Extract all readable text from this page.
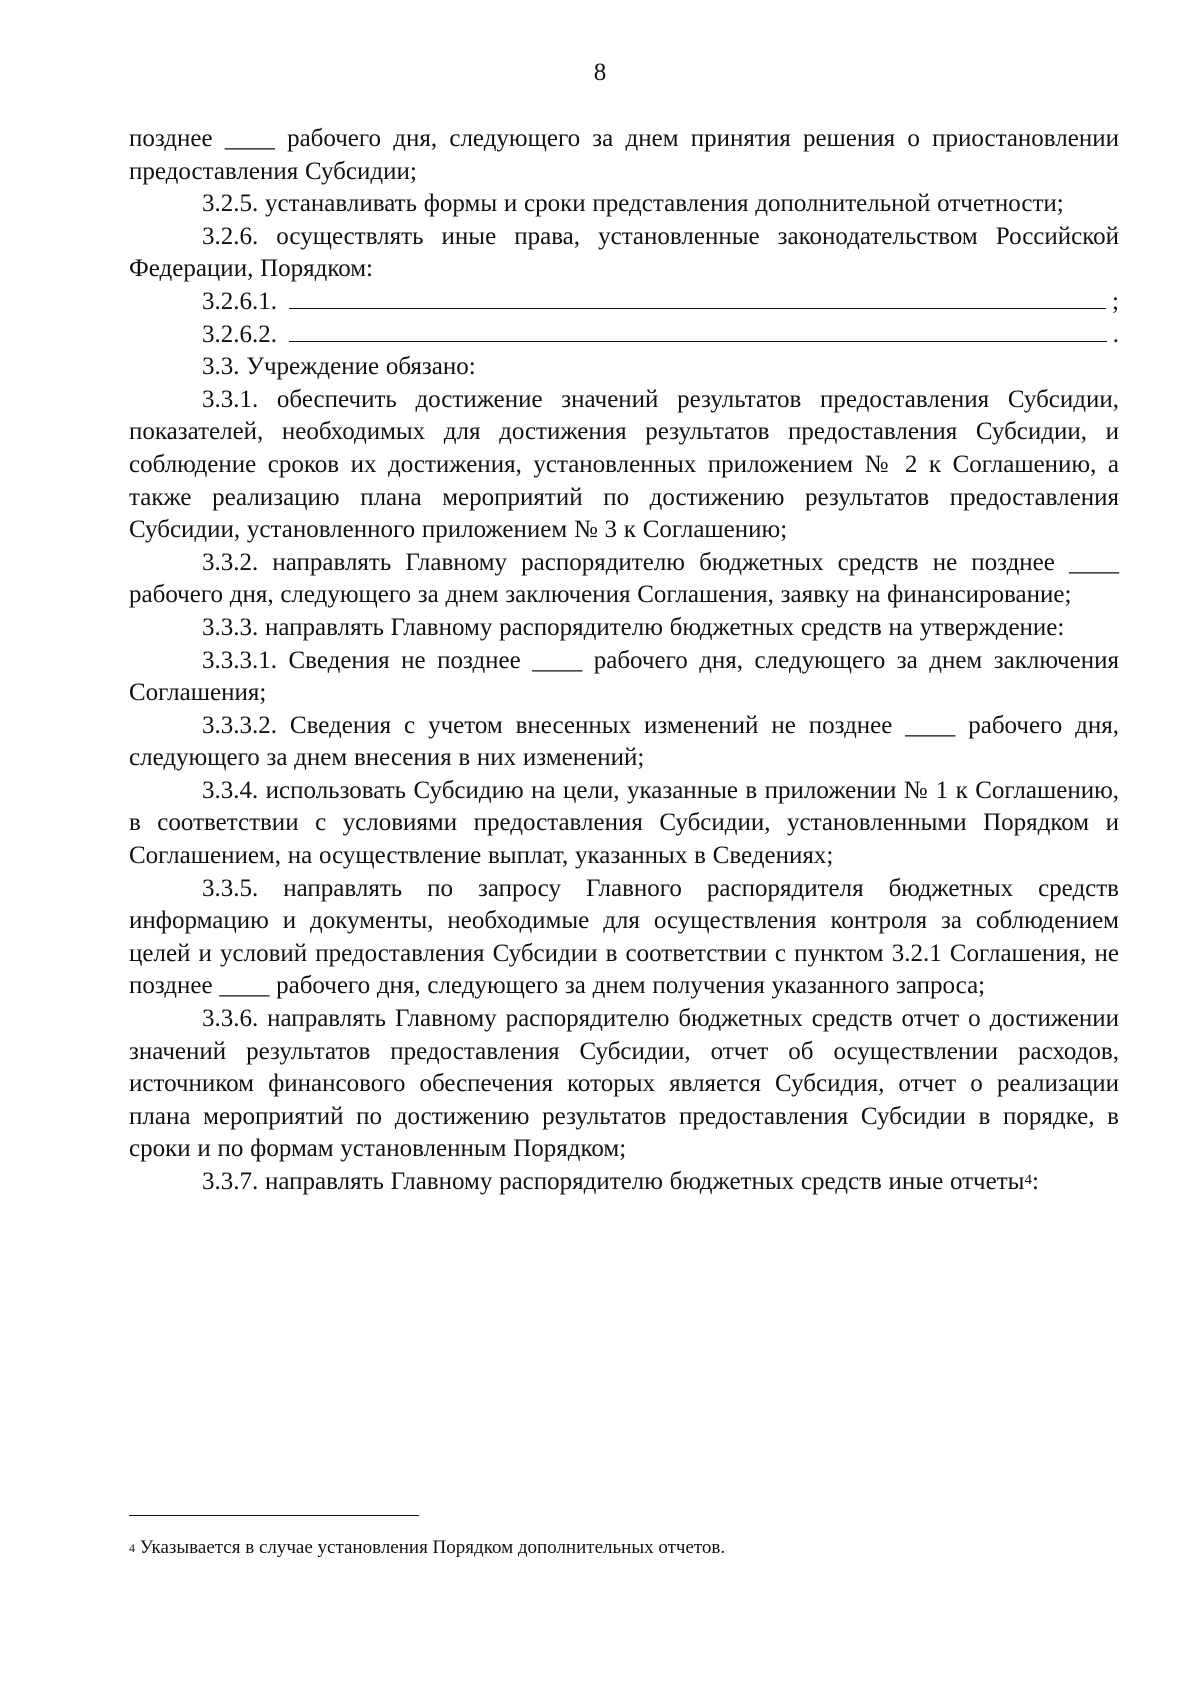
8

позднее ____ рабочего дня, следующего за днем принятия решения о приостановлении предоставления Субсидии;

3.2.5. устанавливать формы и сроки представления дополнительной отчетности;

3.2.6. осуществлять иные права, установленные законодательством Российской Федерации, Порядком:

3.2.6.1.	;
3.2.6.2.	.

3.3. Учреждение обязано:

3.3.1. обеспечить достижение значений результатов предоставления Субсидии, показателей, необходимых для достижения результатов предоставления Субсидии, и соблюдение сроков их достижения, установленных приложением № 2 к Соглашению, а также реализацию плана мероприятий по достижению результатов предоставления Субсидии, установленного приложением № 3 к Соглашению;

3.3.2. направлять Главному распорядителю бюджетных средств не позднее ____ рабочего дня, следующего за днем заключения Соглашения, заявку на финансирование;

3.3.3. направлять Главному распорядителю бюджетных средств на утверждение:

3.3.3.1. Сведения не позднее ____ рабочего дня, следующего за днем заключения Соглашения;

3.3.3.2. Сведения с учетом внесенных изменений не позднее ____ рабочего дня, следующего за днем внесения в них изменений;

3.3.4. использовать Субсидию на цели, указанные в приложении № 1 к Соглашению, в соответствии с условиями предоставления Субсидии, установленными Порядком и Соглашением, на осуществление выплат, указанных в Сведениях;

3.3.5. направлять по запросу Главного распорядителя бюджетных средств информацию и документы, необходимые для осуществления контроля за соблюдением целей и условий предоставления Субсидии в соответствии с пунктом 3.2.1 Соглашения, не позднее ____ рабочего дня, следующего за днем получения указанного запроса;

3.3.6. направлять Главному распорядителю бюджетных средств отчет о достижении значений результатов предоставления Субсидии, отчет об осуществлении расходов, источником финансового обеспечения которых является Субсидия, отчет о реализации плана мероприятий по достижению результатов предоставления Субсидии в порядке, в сроки и по формам установленным Порядком;

3.3.7. направлять Главному распорядителю бюджетных средств иные отчеты$^4$:

$^4$ Указывается в случае установления Порядком дополнительных отчетов.
